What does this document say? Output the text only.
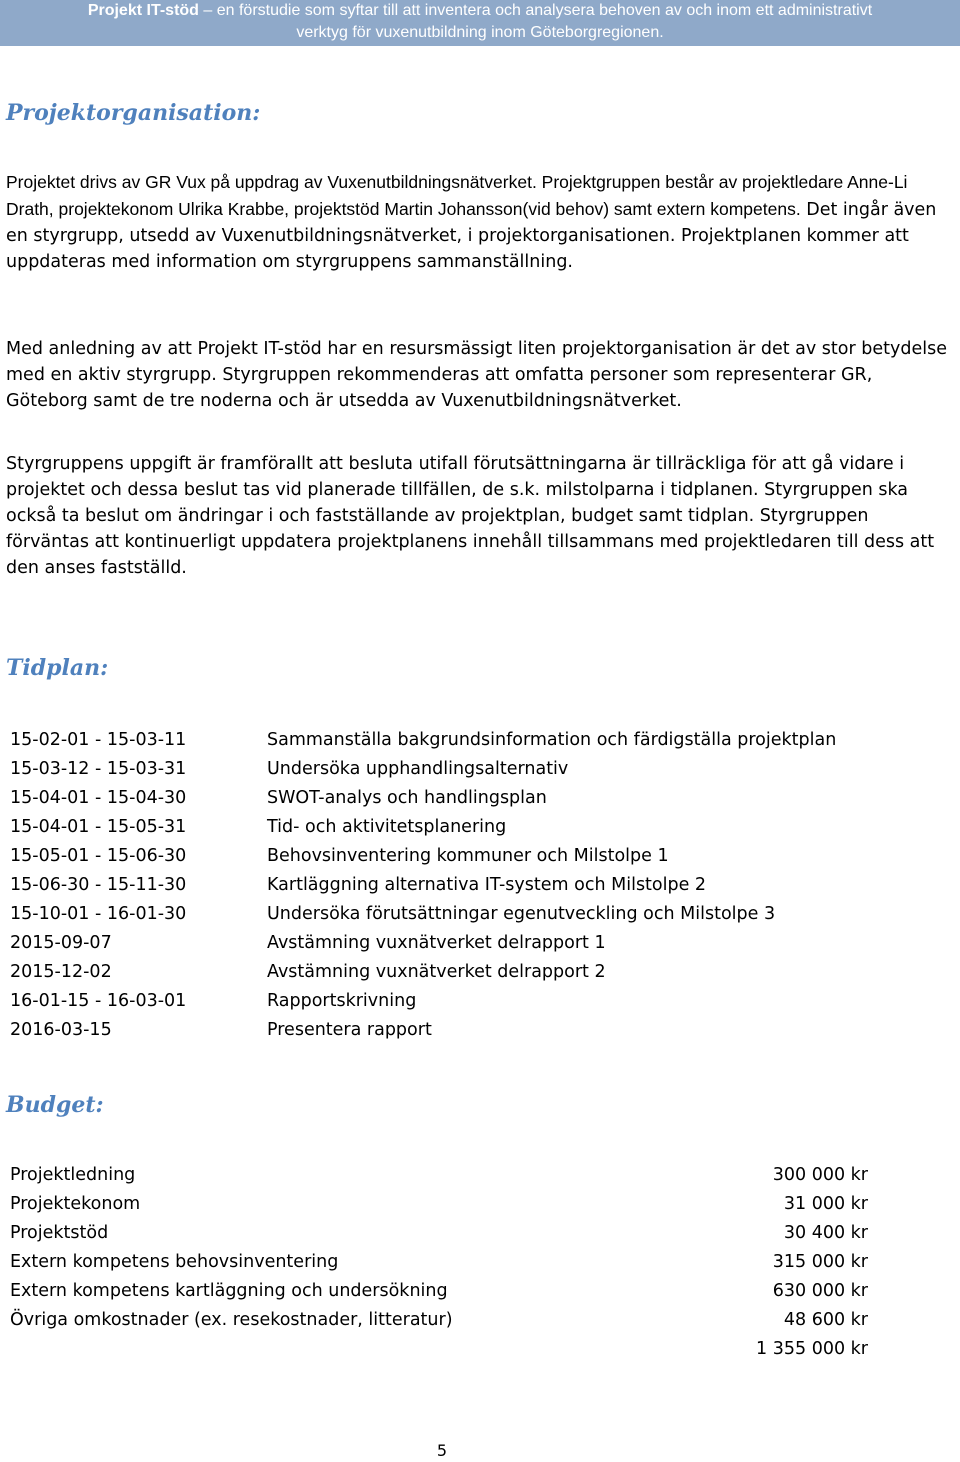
Projekt IT-stöd – en förstudie som syftar till att inventera och analysera behoven av och inom ett administrativt

verktyg för vuxenutbildning inom Göteborgregionen.

Projektorganisation:

Projektet drivs av GR Vux på uppdrag av Vuxenutbildningsnätverket. Projektgruppen består av projektledare Anne-Li Drath, projektekonom Ulrika Krabbe, projektstöd Martin Johansson(vid behov) samt extern kompetens. Det ingår även en styrgrupp, utsedd av Vuxenutbildningsnätverket, i projektorganisationen. Projektplanen kommer att uppdateras med information om styrgruppens sammanställning.

Med anledning av att Projekt IT-stöd har en resursmässigt liten projektorganisation är det av stor betydelse med en aktiv styrgrupp. Styrgruppen rekommenderas att omfatta personer som representerar GR, Göteborg samt de tre noderna och är utsedda av Vuxenutbildningsnätverket.

Styrgruppens uppgift är framförallt att besluta utifall förutsättningarna är tillräckliga för att gå vidare i projektet och dessa beslut tas vid planerade tillfällen, de s.k. milstolparna i tidplanen. Styrgruppen ska också ta beslut om ändringar i och fastställande av projektplan, budget samt tidplan. Styrgruppen förväntas att kontinuerligt uppdatera projektplanens innehåll tillsammans med projektledaren till dess att den anses fastställd.

Tidplan:
15-02-01 - 15-03-11	Sammanställa bakgrundsinformation och färdigställa projektplan
15-03-12 - 15-03-31	Undersöka upphandlingsalternativ
15-04-01 - 15-04-30	SWOT-analys och handlingsplan
15-04-01 - 15-05-31	Tid- och aktivitetsplanering
15-05-01 - 15-06-30	Behovsinventering kommuner och Milstolpe 1
15-06-30 - 15-11-30	Kartläggning alternativa IT-system och Milstolpe 2
15-10-01 - 16-01-30	Undersöka förutsättningar egenutveckling och Milstolpe 3
2015-09-07	Avstämning vuxnätverket delrapport 1
2015-12-02	Avstämning vuxnätverket delrapport 2
16-01-15 - 16-03-01	Rapportskrivning
2016-03-15	Presentera rapport
Budget:
Projektledning	300 000 kr
Projektekonom	31 000 kr
Projektstöd	30 400 kr
Extern kompetens behovsinventering	315 000 kr
Extern kompetens kartläggning och undersökning	630 000 kr
Övriga omkostnader (ex. resekostnader, litteratur)	48 600 kr
1 355 000 kr

5
